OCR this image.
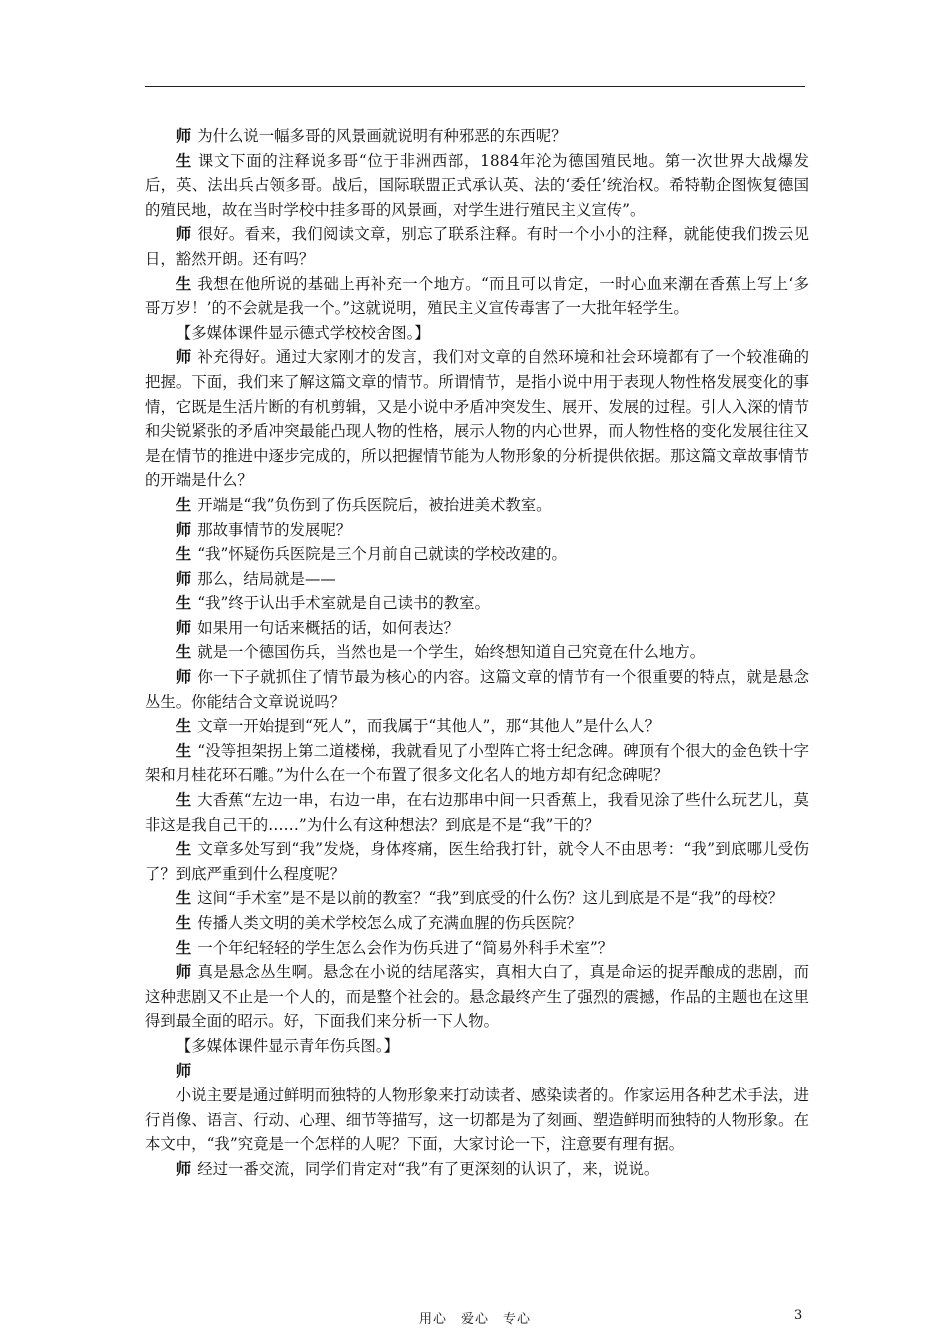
师 为什么说一幅多哥的风景画就说明有种邪恶的东西呢？

生 课文下面的注释说多哥“位于非洲西部，1884年沦为德国殖民地。第一次世界大战爆发后，英、法出兵占领多哥。战后，国际联盟正式承认英、法的‘委任’统治权。希特勒企图恢复德国的殖民地，故在当时学校中挂多哥的风景画，对学生进行殖民主义宣传”。

师 很好。看来，我们阅读文章，别忘了联系注释。有时一个小小的注释，就能使我们拨云见日，豁然开朗。还有吗？

生 我想在他所说的基础上再补充一个地方。“而且可以肯定，一时心血来潮在香蕉上写上‘多哥万岁！’的不会就是我一个。”这就说明，殖民主义宣传毒害了一大批年轻学生。

【多媒体课件显示德式学校校舍图。】

师 补充得好。通过大家刚才的发言，我们对文章的自然环境和社会环境都有了一个较准确的把握。下面，我们来了解这篇文章的情节。所谓情节，是指小说中用于表现人物性格发展变化的事情，它既是生活片断的有机剪辑，又是小说中矛盾冲突发生、展开、发展的过程。引人入深的情节和尖锐紧张的矛盾冲突最能凸现人物的性格，展示人物的内心世界，而人物性格的变化发展往往又是在情节的推进中逐步完成的，所以把握情节能为人物形象的分析提供依据。那这篇文章故事情节的开端是什么？

生 开端是“我”负伤到了伤兵医院后，被抬进美术教室。

师 那故事情节的发展呢？

生 “我”怀疑伤兵医院是三个月前自己就读的学校改建的。

师 那么，结局就是——

生 “我”终于认出手术室就是自己读书的教室。

师 如果用一句话来概括的话，如何表达？

生 就是一个德国伤兵，当然也是一个学生，始终想知道自己究竟在什么地方。

师 你一下子就抓住了情节最为核心的内容。这篇文章的情节有一个很重要的特点，就是悬念丛生。你能结合文章说说吗？

生 文章一开始提到“死人”，而我属于“其他人”，那“其他人”是什么人？

生 “没等担架拐上第二道楼梯，我就看见了小型阵亡将士纪念碑。碑顶有个很大的金色铁十字架和月桂花环石雕。”为什么在一个布置了很多文化名人的地方却有纪念碑呢？

生 大香蕉“左边一串，右边一串，在右边那串中间一只香蕉上，我看见涂了些什么玩艺儿，莫非这是我自己干的……”为什么有这种想法？到底是不是“我”干的？

生 文章多处写到“我”发烧，身体疼痛，医生给我打针，就令人不由思考：“我”到底哪儿受伤了？到底严重到什么程度呢？

生 这间“手术室”是不是以前的教室？“我”到底受的什么伤？这儿到底是不是“我”的母校？

生 传播人类文明的美术学校怎么成了充满血腥的伤兵医院？

生 一个年纪轻轻的学生怎么会作为伤兵进了“简易外科手术室”？

师 真是悬念丛生啊。悬念在小说的结尾落实，真相大白了，真是命运的捉弄酿成的悲剧，而这种悲剧又不止是一个人的，而是整个社会的。悬念最终产生了强烈的震撼，作品的主题也在这里得到最全面的昭示。好，下面我们来分析一下人物。

【多媒体课件显示青年伤兵图。】

师

小说主要是通过鲜明而独特的人物形象来打动读者、感染读者的。作家运用各种艺术手法，进行肖像、语言、行动、心理、细节等描写，这一切都是为了刻画、塑造鲜明而独特的人物形象。在本文中，“我”究竟是一个怎样的人呢？下面，大家讨论一下，注意要有理有据。

师 经过一番交流，同学们肯定对“我”有了更深刻的认识了，来，说说。

用心　爱心　专心	3
